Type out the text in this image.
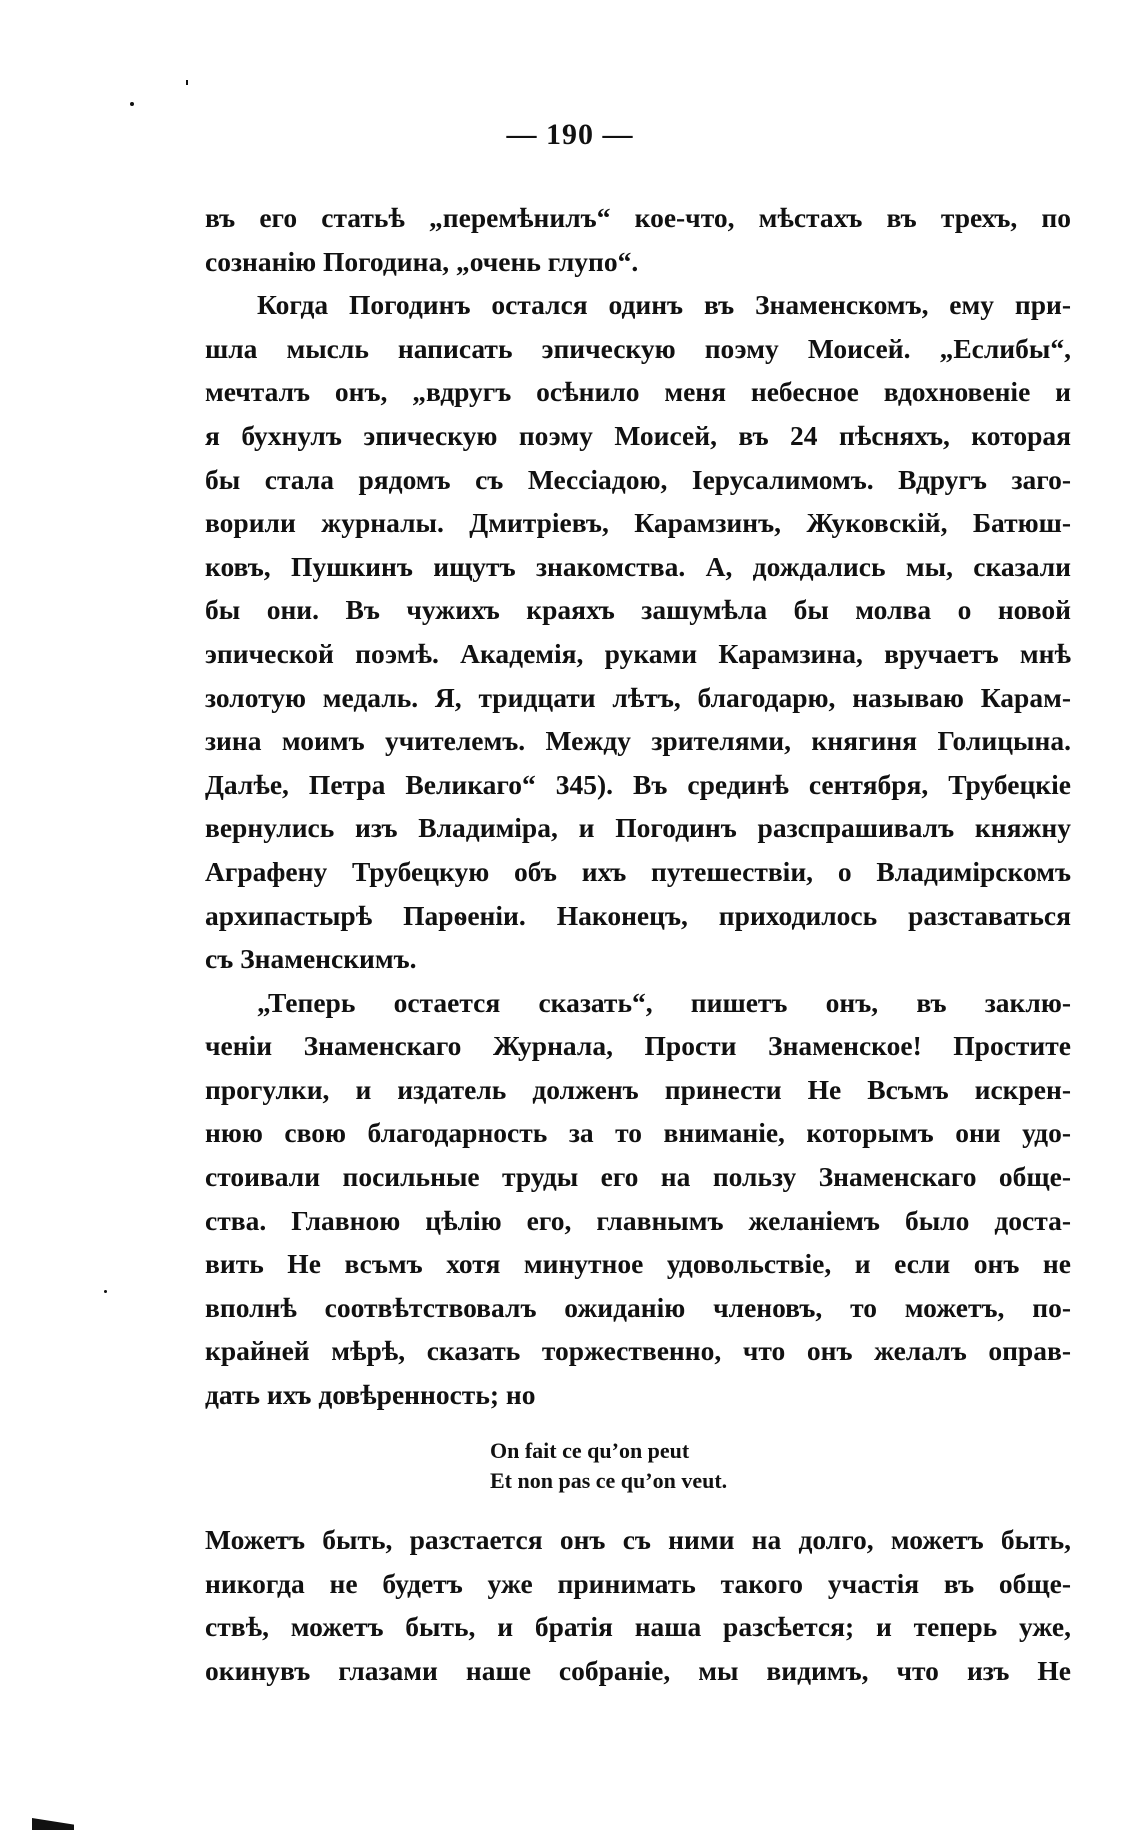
— 190 —
въ его статьѣ „перемѣнилъ“ кое-что, мѣстахъ въ трехъ, по
сознанію Погодина, „очень глупо“.
Когда Погодинъ остался одинъ въ Знаменскомъ, ему при-
шла мысль написать эпическую поэму Моисей. „Еслибы“,
мечталъ онъ, „вдругъ осѣнило меня небесное вдохновеніе и
я бухнулъ эпическую поэму Моисей, въ 24 пѣсняхъ, которая
бы стала рядомъ съ Мессіадою, Іерусалимомъ. Вдругъ заго-
ворили журналы. Дмитріевъ, Карамзинъ, Жуковскій, Батюш-
ковъ, Пушкинъ ищутъ знакомства. А, дождались мы, сказали
бы они. Въ чужихъ краяхъ зашумѣла бы молва о новой
эпической поэмѣ. Академія, руками Карамзина, вручаетъ мнѣ
золотую медаль. Я, тридцати лѣтъ, благодарю, называю Карам-
зина моимъ учителемъ. Между зрителями, княгиня Голицына.
Далѣе, Петра Великаго“ 345). Въ срединѣ сентября, Трубецкіе
вернулись изъ Владиміра, и Погодинъ разспрашивалъ княжну
Аграфену Трубецкую объ ихъ путешествіи, о Владимірскомъ
архипастырѣ Парѳеніи. Наконецъ, приходилось разставаться
съ Знаменскимъ.
„Теперь остается сказать“, пишетъ онъ, въ заклю-
ченіи Знаменскаго Журнала, Прости Знаменское! Простите
прогулки, и издатель долженъ принести Не Всъмъ искрен-
нюю свою благодарность за то вниманіе, которымъ они удо-
стоивали посильные труды его на пользу Знаменскаго обще-
ства. Главною цѣлію его, главнымъ желаніемъ было доста-
вить Не всъмъ хотя минутное удовольствіе, и если онъ не
вполнѣ соотвѣтствовалъ ожиданію членовъ, то можетъ, по-
крайней мѣрѣ, сказать торжественно, что онъ желалъ оправ-
дать ихъ довѣренность; но
On fait ce qu’on peut
Et non pas ce qu’on veut.
Можетъ быть, разстается онъ съ ними на долго, можетъ быть,
никогда не будетъ уже принимать такого участія въ обще-
ствѣ, можетъ быть, и братія наша разсѣется; и теперь уже,
окинувъ глазами наше собраніе, мы видимъ, что изъ Не
